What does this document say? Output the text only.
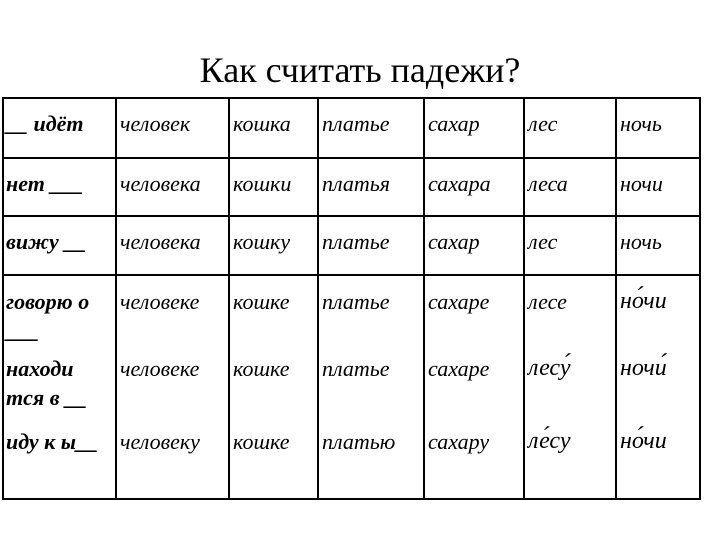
Как считать падежи?
__ идёт	человек	кошка	платье	сахар	лес	ночь
нет ___	человека	кошки	платья	сахара	леса	ночи
вижу __	человека	кошку	платье	сахар	лес	ночь
говорю о ___	человеке	кошке	платье	сахаре	лесе	но́чи
находи тся в __	человеке	кошке	платье	сахаре	лесу́	ночи́
иду к ы__	человеку	кошке	платью	сахару	ле́су	но́чи
